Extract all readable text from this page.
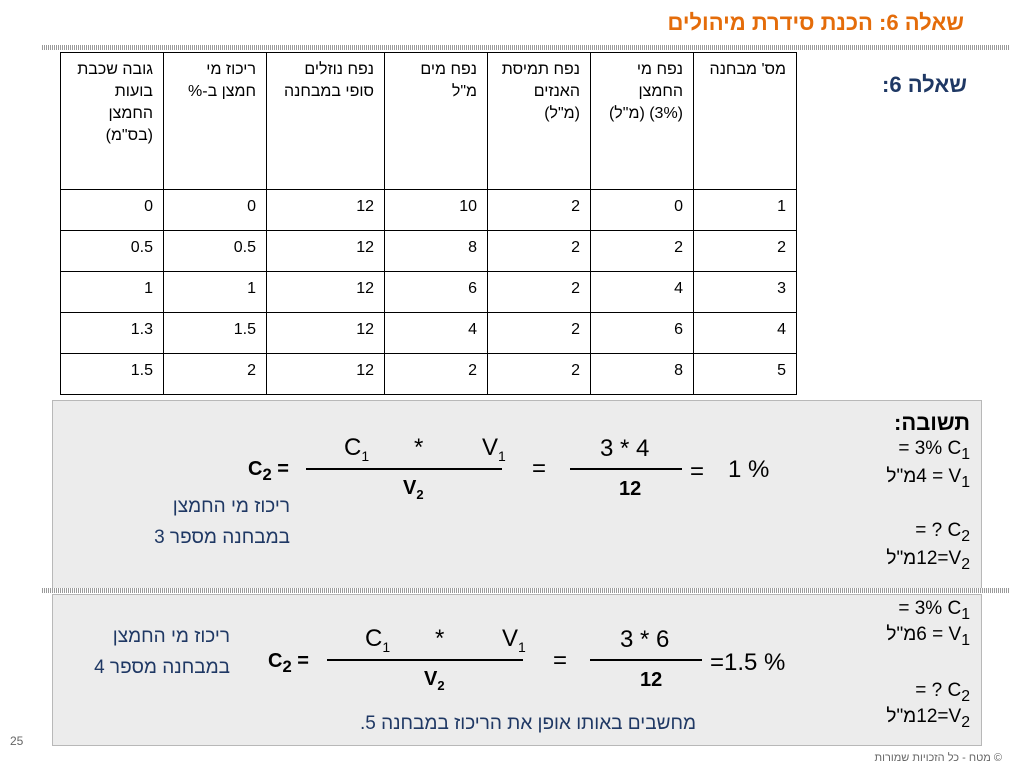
שאלה 6: הכנת סידרת מיהולים
שאלה 6:
מס' מבחנה	נפח מי החמצן (3%) (מ"ל)	נפח תמיסת האנזים (מ"ל)	נפח מים מ"ל	נפח נוזלים סופי במבחנה	ריכוז מי חמצן ב-%	גובה שכבת בועות החמצן (בס"מ)
1	0	2	10	12	0	0
2	2	2	8	12	0.5	0.5
3	4	2	6	12	1	1
4	6	2	4	12	1.5	1.3
5	8	2	2	12	2	1.5
תשובה:
$C_1 = 3\%$
$V_1$ = 4מ"ל
$C_2$ = ?
$V_2=12מ"ל$
$C_2$ =
$C_1 * V_1$
$V_2$
=
3 * 4
12
= 1 %
ריכוז מי החמצן
במבחנה מספר 3
$C_1 = 3\%$
$V_1$ = 6מ"ל
$C_2$ = ?
$V_2=12מ"ל$
ריכוז מי החמצן
במבחנה מספר 4 $C_2$ =
$C_1 * V_1$
$V_2$
=
3 * 6
12
=1.5 %
מחשבים באותו אופן את הריכוז במבחנה 5.
25
© מטח - כל הזכויות שמורות
